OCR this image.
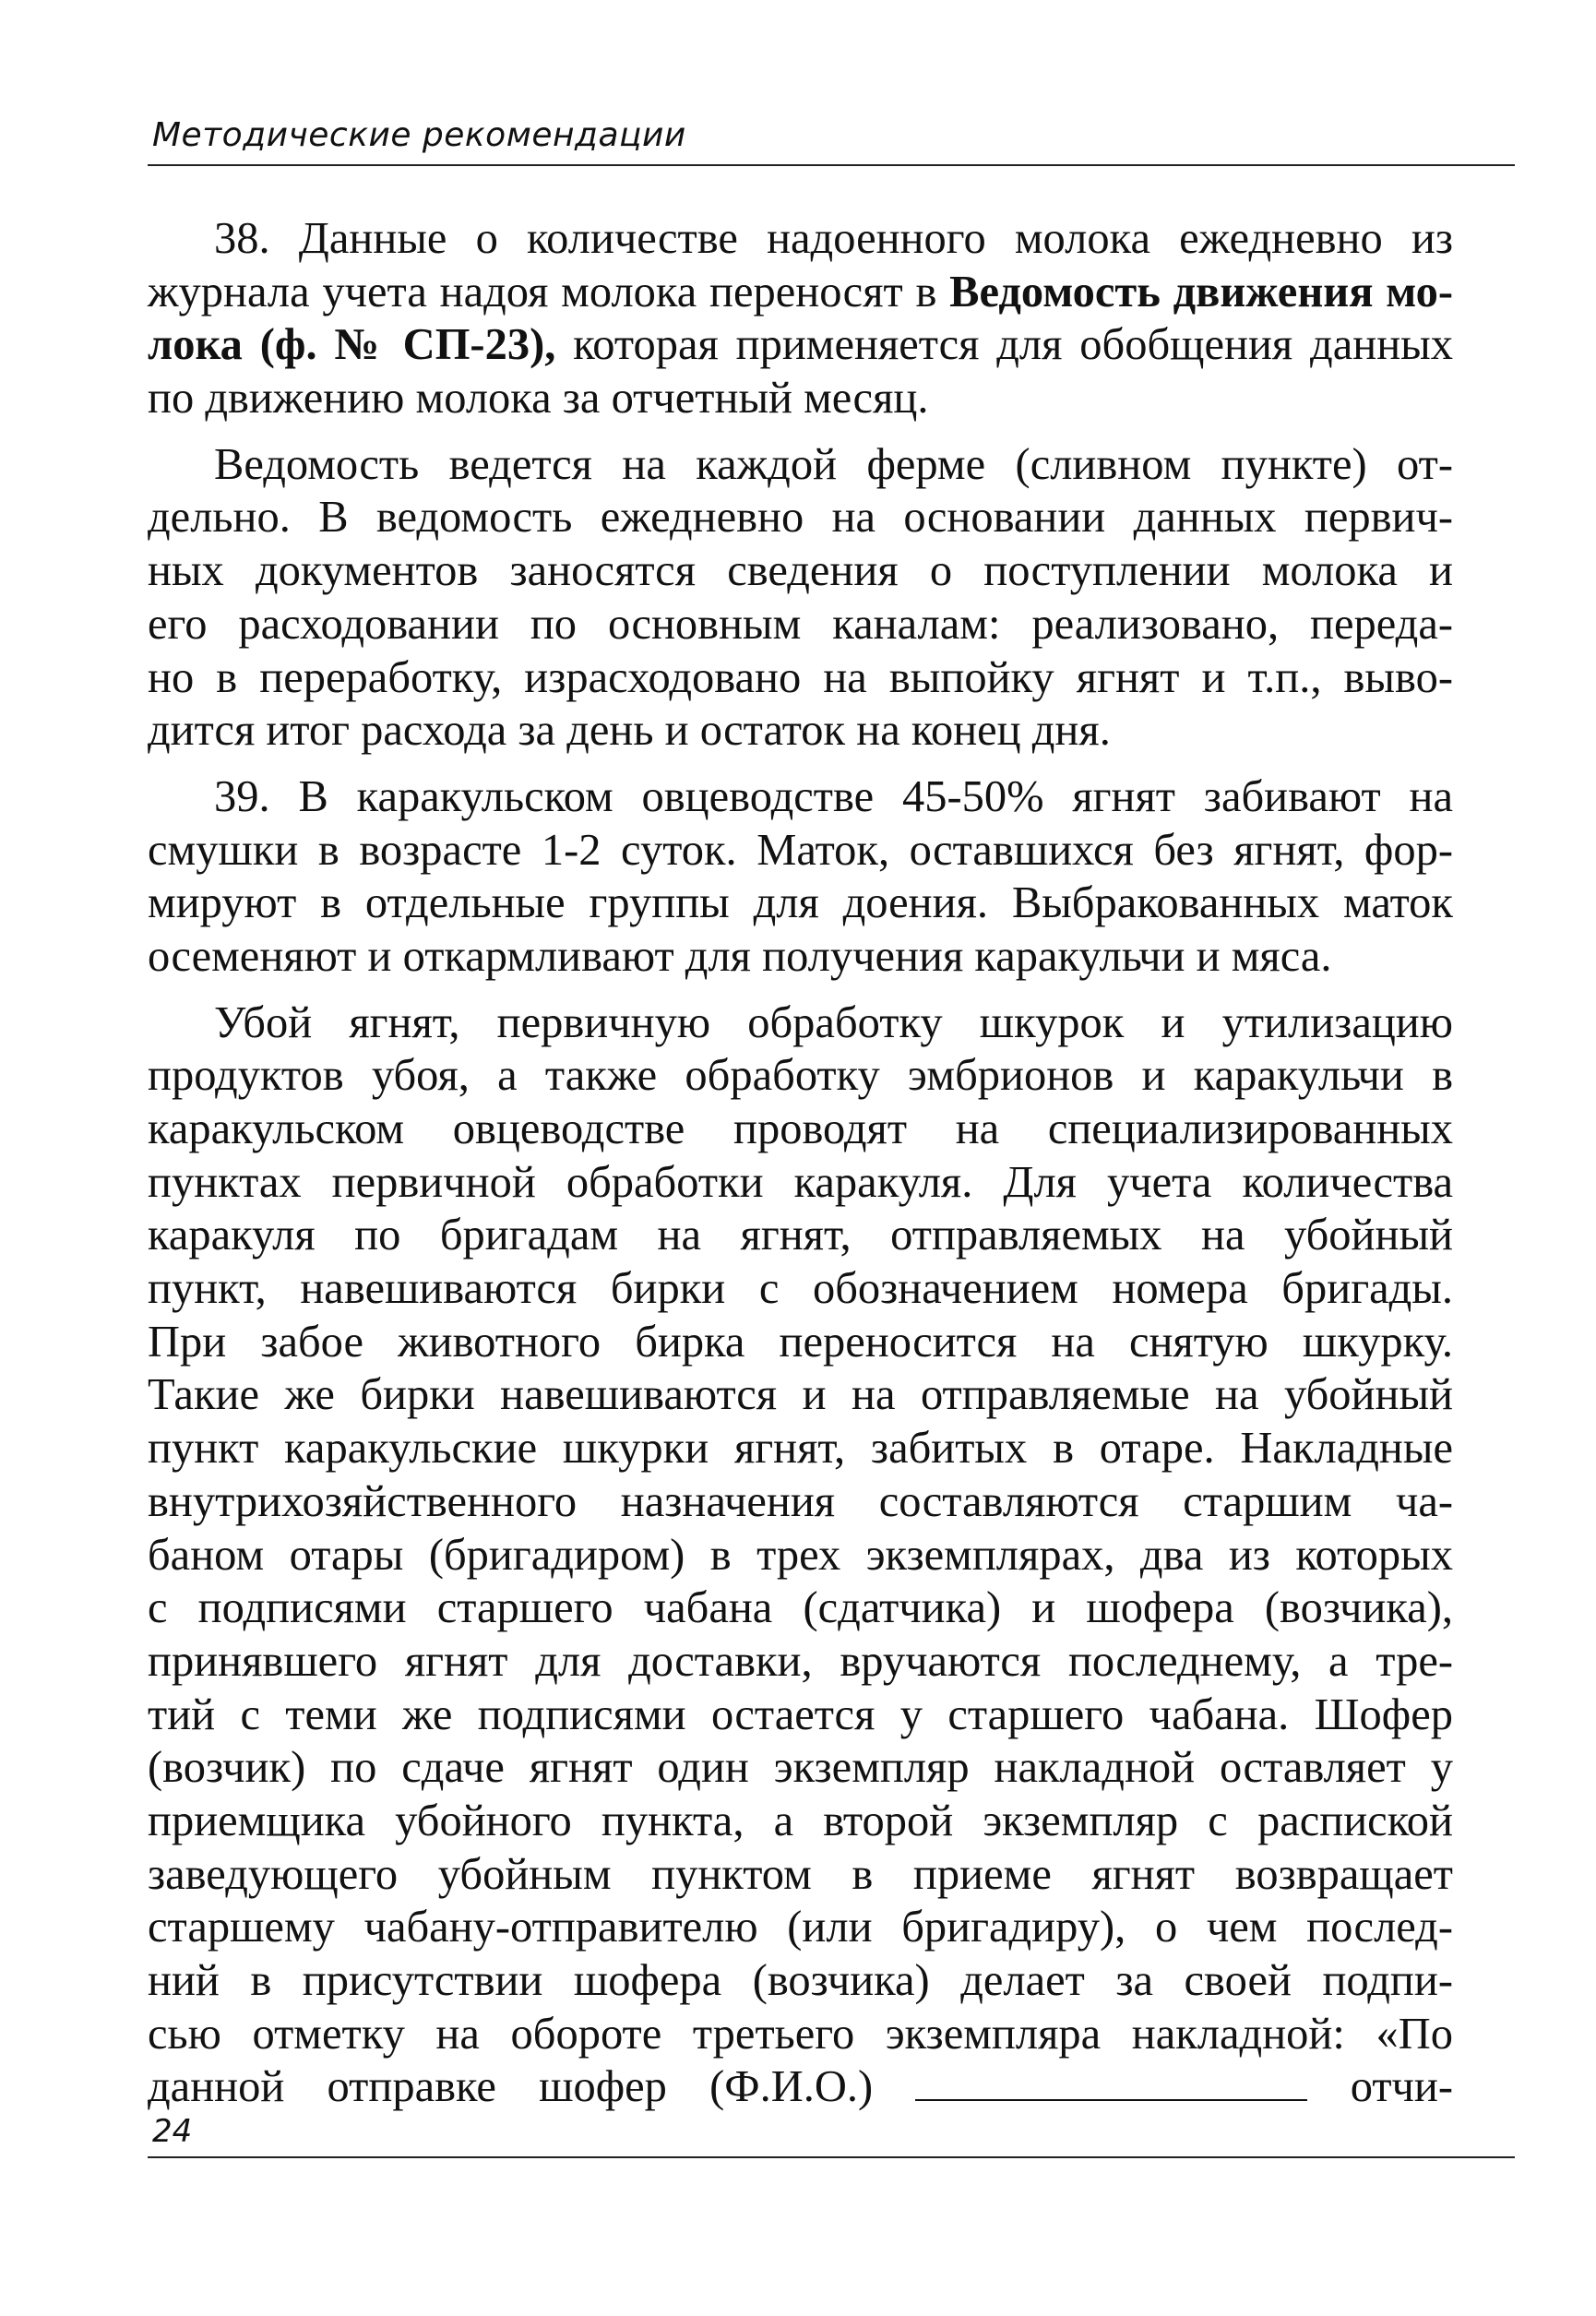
Методические рекомендации
38. Данные о количестве надоенного молока ежедневно из
журнала учета надоя молока переносят в Ведомость движения мо-
лока (ф. № СП-23), которая применяется для обобщения данных
по движению молока за отчетный месяц.
Ведомость ведется на каждой ферме (сливном пункте) от-
дельно. В ведомость ежедневно на основании данных первич-
ных документов заносятся сведения о поступлении молока и
его расходовании по основным каналам: реализовано, переда-
но в переработку, израсходовано на выпойку ягнят и т.п., выво-
дится итог расхода за день и остаток на конец дня.
39. В каракульском овцеводстве 45-50% ягнят забивают на
смушки в возрасте 1-2 суток. Маток, оставшихся без ягнят, фор-
мируют в отдельные группы для доения. Выбракованных маток
осеменяют и откармливают для получения каракульчи и мяса.
Убой ягнят, первичную обработку шкурок и утилизацию
продуктов убоя, а также обработку эмбрионов и каракульчи в
каракульском овцеводстве проводят на специализированных
пунктах первичной обработки каракуля. Для учета количества
каракуля по бригадам на ягнят, отправляемых на убойный
пункт, навешиваются бирки с обозначением номера бригады.
При забое животного бирка переносится на снятую шкурку.
Такие же бирки навешиваются и на отправляемые на убойный
пункт каракульские шкурки ягнят, забитых в отаре. Накладные
внутрихозяйственного назначения составляются старшим ча-
баном отары (бригадиром) в трех экземплярах, два из которых
с подписями старшего чабана (сдатчика) и шофера (возчика),
принявшего ягнят для доставки, вручаются последнему, а тре-
тий с теми же подписями остается у старшего чабана. Шофер
(возчик) по сдаче ягнят один экземпляр накладной оставляет у
приемщика убойного пункта, а второй экземпляр с распиской
заведующего убойным пунктом в приеме ягнят возвращает
старшему чабану-отправителю (или бригадиру), о чем послед-
ний в присутствии шофера (возчика) делает за своей подпи-
сью отметку на обороте третьего экземпляра накладной: «По
данной отправке шофер (Ф.И.О.)	отчи-
24
